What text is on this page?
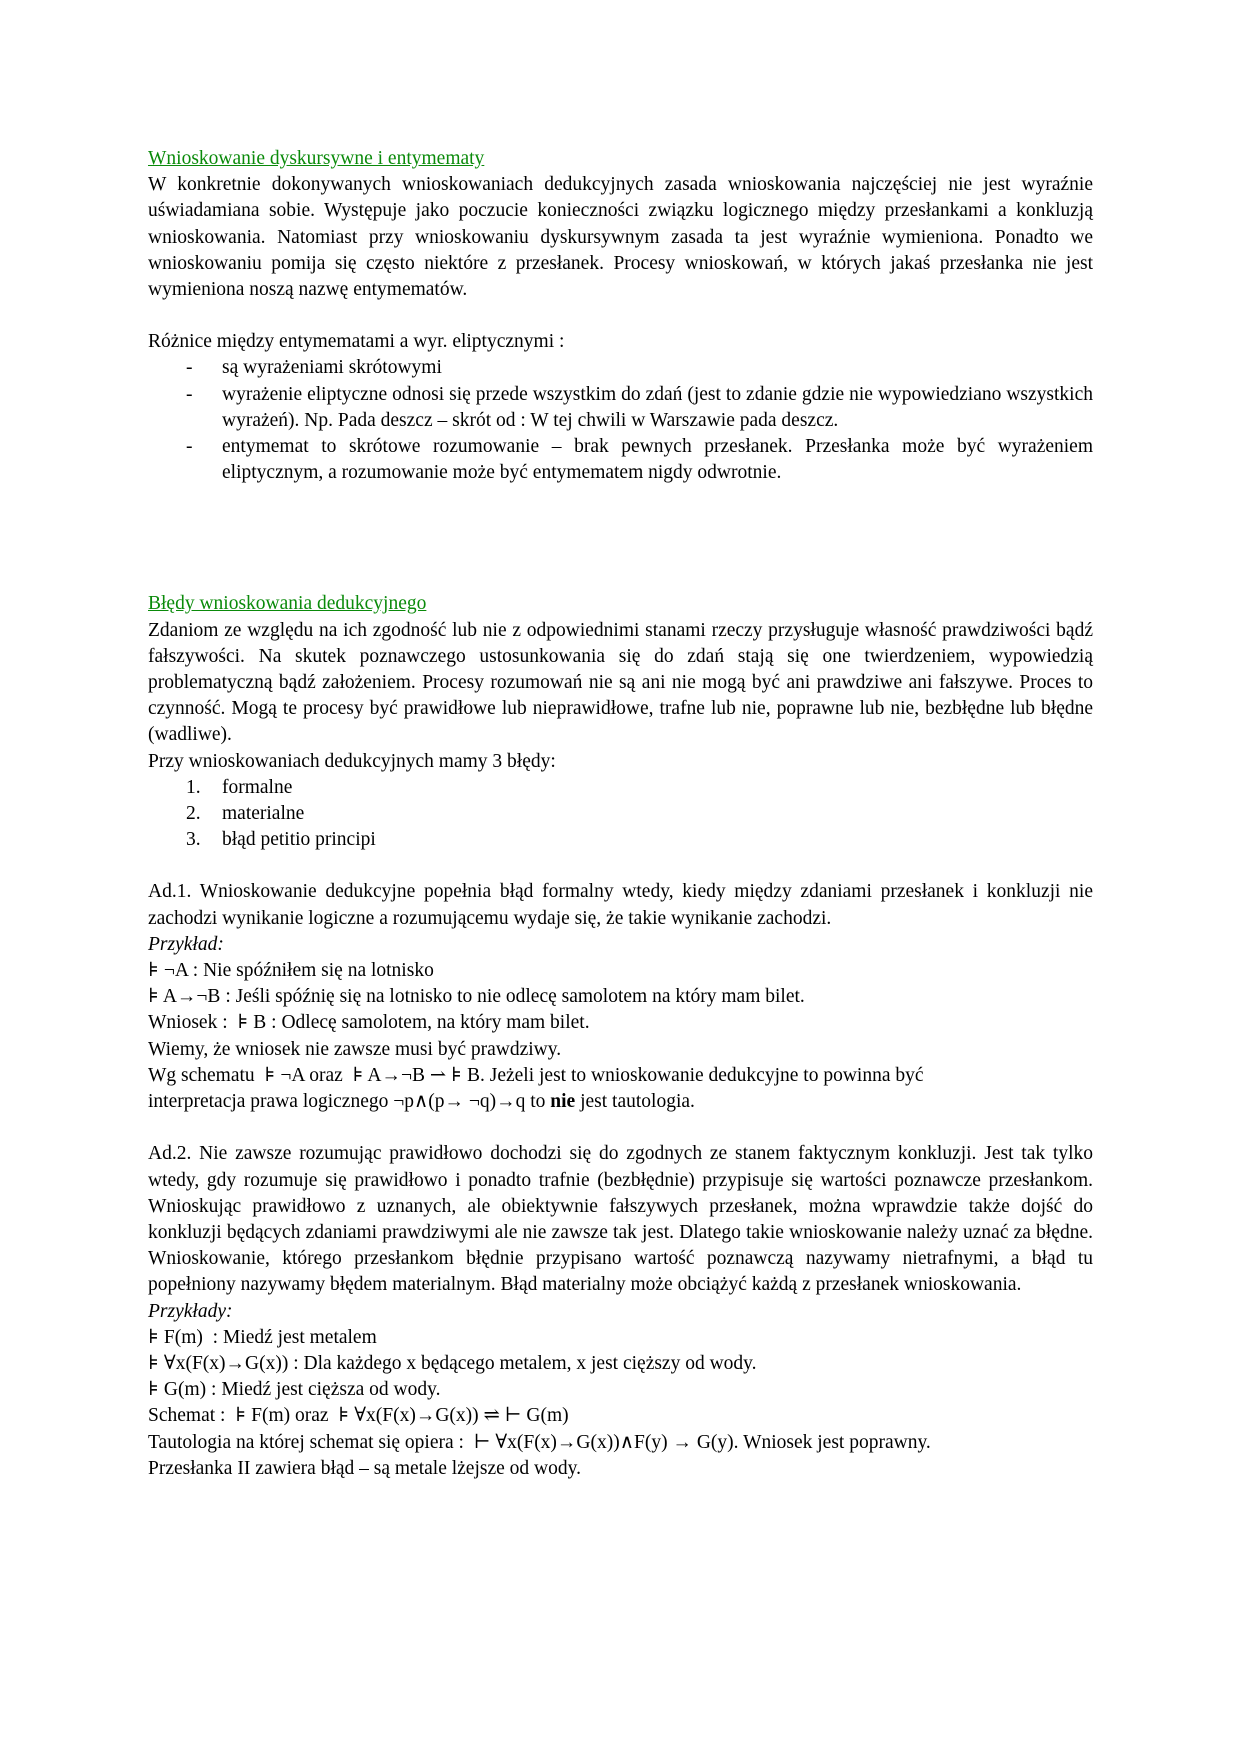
Wnioskowanie dyskursywne i entymematy
W konkretnie dokonywanych wnioskowaniach dedukcyjnych zasada wnioskowania najczęściej nie jest wyraźnie uświadamiana sobie. Występuje jako poczucie konieczności związku logicznego między przesłankami a konkluzją wnioskowania. Natomiast przy wnioskowaniu dyskursywnym zasada ta jest wyraźnie wymieniona. Ponadto we wnioskowaniu pomija się często niektóre z przesłanek. Procesy wnioskowań, w których jakaś przesłanka nie jest wymieniona noszą nazwę entymematów.
Różnice między entymematami a wyr. eliptycznymi :
- są wyrażeniami skrótowymi
- wyrażenie eliptyczne odnosi się przede wszystkim do zdań (jest to zdanie gdzie nie wypowiedziano wszystkich wyrażeń). Np. Pada deszcz – skrót od : W tej chwili w Warszawie pada deszcz.
- entymemat to skrótowe rozumowanie – brak pewnych przesłanek. Przesłanka może być wyrażeniem eliptycznym, a rozumowanie może być entymematem nigdy odwrotnie.
Błędy wnioskowania dedukcyjnego
Zdaniom ze względu na ich zgodność lub nie z odpowiednimi stanami rzeczy przysługuje własność prawdziwości bądź fałszywości. Na skutek poznawczego ustosunkowania się do zdań stają się one twierdzeniem, wypowiedzią problematyczną bądź założeniem. Procesy rozumowań nie są ani nie mogą być ani prawdziwe ani fałszywe. Proces to czynność. Mogą te procesy być prawidłowe lub nieprawidłowe, trafne lub nie, poprawne lub nie, bezbłędne lub błędne (wadliwe).
Przy wnioskowaniach dedukcyjnych mamy 3 błędy:
1. formalne
2. materialne
3. błąd petitio principi
Ad.1. Wnioskowanie dedukcyjne popełnia błąd formalny wtedy, kiedy między zdaniami przesłanek i konkluzji nie zachodzi wynikanie logiczne a rozumującemu wydaje się, że takie wynikanie zachodzi.
Przykład:
⊧ ¬A : Nie spóźniłem się na lotnisko
⊧ A→¬B : Jeśli spóźnię się na lotnisko to nie odlecę samolotem na który mam bilet.
Wniosek :  ⊧ B : Odlecę samolotem, na który mam bilet.
Wiemy, że wniosek nie zawsze musi być prawdziwy.
Wg schematu  ⊧ ¬A oraz  ⊧ A→¬B ⇀ ⊧ B. Jeżeli jest to wnioskowanie dedukcyjne to powinna być
interpretacja prawa logicznego ¬p∧(p→ ¬q)→q to nie jest tautologia.
Ad.2. Nie zawsze rozumując prawidłowo dochodzi się do zgodnych ze stanem faktycznym konkluzji. Jest tak tylko wtedy, gdy rozumuje się prawidłowo i ponadto trafnie (bezbłędnie) przypisuje się wartości poznawcze przesłankom. Wnioskując prawidłowo z uznanych, ale obiektywnie fałszywych przesłanek, można wprawdzie także dojść do konkluzji będących zdaniami prawdziwymi ale nie zawsze tak jest. Dlatego takie wnioskowanie należy uznać za błędne. Wnioskowanie, którego przesłankom błędnie przypisano wartość poznawczą nazywamy nietrafnymi, a błąd tu popełniony nazywamy błędem materialnym. Błąd materialny może obciążyć każdą z przesłanek wnioskowania.
Przykłady:
⊧ F(m)  : Miedź jest metalem
⊧ ∀x(F(x)→G(x)) : Dla każdego x będącego metalem, x jest cięższy od wody.
⊧ G(m) : Miedź jest cięższa od wody.
Schemat :  ⊧ F(m) oraz  ⊧ ∀x(F(x)→G(x)) ⇌ ⊢ G(m)
Tautologia na której schemat się opiera :  ⊢ ∀x(F(x)→G(x))∧F(y) → G(y). Wniosek jest poprawny.
Przesłanka II zawiera błąd – są metale lżejsze od wody.
